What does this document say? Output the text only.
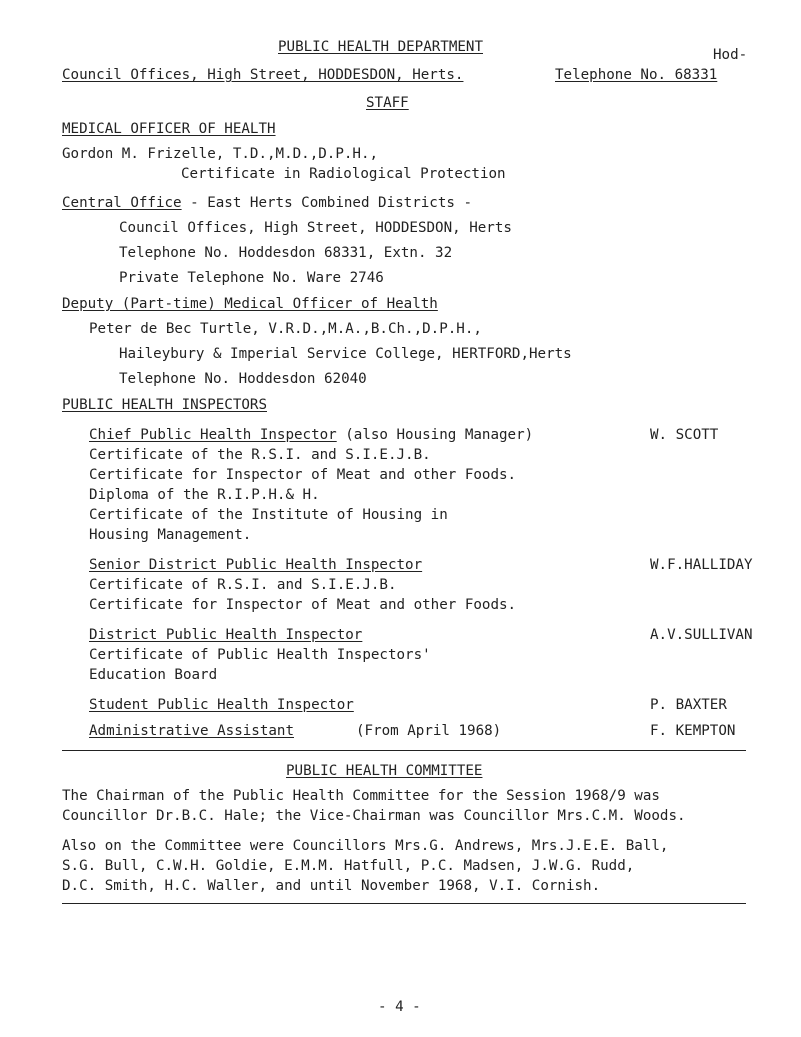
PUBLIC HEALTH DEPARTMENT	Hod-
Council Offices, High Street, HODDESDON, Herts.	Telephone No. 68331
STAFF
MEDICAL OFFICER OF HEALTH
Gordon M. Frizelle, T.D.,M.D.,D.P.H.,
Certificate in Radiological Protection
Central Office - East Herts Combined Districts -
Council Offices, High Street, HODDESDON, Herts
Telephone No. Hoddesdon 68331, Extn. 32
Private Telephone No. Ware 2746
Deputy (Part-time) Medical Officer of Health
Peter de Bec Turtle, V.R.D.,M.A.,B.Ch.,D.P.H.,
Haileybury & Imperial Service College, HERTFORD,Herts
Telephone No. Hoddesdon 62040
PUBLIC HEALTH INSPECTORS
Chief Public Health Inspector (also Housing Manager)	W. SCOTT
Certificate of the R.S.I. and S.I.E.J.B.
Certificate for Inspector of Meat and other Foods.
Diploma of the R.I.P.H.& H.
Certificate of the Institute of Housing in
Housing Management.
Senior District Public Health Inspector	W.F.HALLIDAY
Certificate of R.S.I. and S.I.E.J.B.
Certificate for Inspector of Meat and other Foods.
District Public Health Inspector	A.V.SULLIVAN
Certificate of Public Health Inspectors'
Education Board
Student Public Health Inspector	P. BAXTER
Administrative Assistant	(From April 1968)	F. KEMPTON
PUBLIC HEALTH COMMITTEE
The Chairman of the Public Health Committee for the Session 1968/9 was
Councillor Dr.B.C. Hale; the Vice-Chairman was Councillor Mrs.C.M. Woods.
Also on the Committee were Councillors Mrs.G. Andrews, Mrs.J.E.E. Ball,
S.G. Bull, C.W.H. Goldie, E.M.M. Hatfull, P.C. Madsen, J.W.G. Rudd,
D.C. Smith, H.C. Waller, and until November 1968, V.I. Cornish.
- 4 -
